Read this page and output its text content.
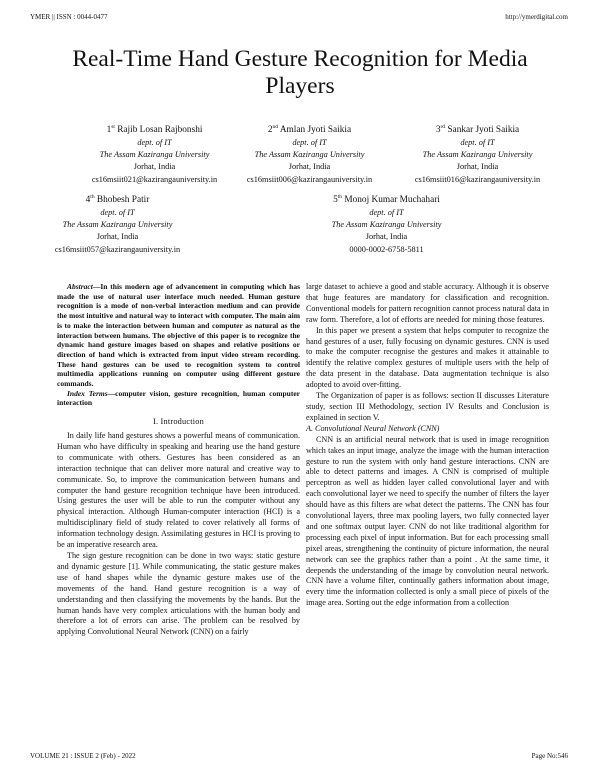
YMER || ISSN : 0044-0477	http://ymerdigital.com
Real-Time Hand Gesture Recognition for Media Players
1st Rajib Losan Rajbonshi
dept. of IT
The Assam Kaziranga University
Jorhat, India
cs16msiit021@kazirangauniversity.in
2nd Amlan Jyoti Saikia
dept. of IT
The Assam Kaziranga University
Jorhat, India
cs16msiit006@kazirangauniversity.in
3rd Sankar Jyoti Saikia
dept. of IT
The Assam Kaziranga University
Jorhat, India
cs16msiit016@kazirangauniversity.in
4th Bhobesh Patir
dept. of IT
The Assam Kaziranga University
Jorhat, India
cs16msiit057@kazirangauniversity.in
5th Monoj Kumar Muchahari
dept. of IT
The Assam Kaziranga University
Jorhat, India
0000-0002-6758-5811

Abstract—In this modern age of advancement in computing which has made the use of natural user interface much needed. Human gesture recognition is a mode of non-verbal interaction medium and can provide the most intuitive and natural way to interact with computer. The main aim is to make the interaction between human and computer as natural as the interaction between humans. The objective of this paper is to recognize the dynamic hand gesture images based on shapes and relative positions or direction of hand which is extracted from input video stream recording. These hand gestures can be used to recognition system to control multimedia applications running on computer using different gesture commands.

Index Terms—computer vision, gesture recognition, human computer interaction

I. Introduction

In daily life hand gestures shows a powerful means of communication. Human who have difficulty in speaking and hearing use the hand gesture to communicate with others. Gestures has been considered as an interaction technique that can deliver more natural and creative way to communicate. So, to improve the communication between humans and computer the hand gesture recognition technique have been introduced. Using gestures the user will be able to run the computer without any physical interaction. Although Human-computer interaction (HCI) is a multidisciplinary field of study related to cover relatively all forms of information technology design. Assimilating gestures in HCI is proving to be an imperative research area.

The sign gesture recognition can be done in two ways: static gesture and dynamic gesture [1]. While communicating, the static gesture makes use of hand shapes while the dynamic gesture makes use of the movements of the hand. Hand gesture recognition is a way of understanding and then classifying the movements by the hands. But the human hands have very complex articulations with the human body and therefore a lot of errors can arise. The problem can be resolved by applying Convolutional Neural Network (CNN) on a fairly

large dataset to achieve a good and stable accuracy. Although it is observe that huge features are mandatory for classification and recognition. Conventional models for pattern recognition cannot process natural data in raw form. Therefore, a lot of efforts are needed for mining those features.

In this paper we present a system that helps computer to recognize the hand gestures of a user, fully focusing on dynamic gestures. CNN is used to make the computer recognise the gestures and makes it attainable to identify the relative complex gestures of multiple users with the help of the data present in the database. Data augmentation technique is also adopted to avoid over-fitting.

The Organization of paper is as follows: section II discusses Literature study, section III Methodology, section IV Results and Conclusion is explained in section V.

A. Convolutional Neural Network (CNN)

CNN is an artificial neural network that is used in image recognition which takes an input image, analyze the image with the human interaction gesture to run the system with only hand gesture interactions. CNN are able to detect patterns and images. A CNN is comprised of multiple perceptron as well as hidden layer called convolutional layer and with each convolutional layer we need to specify the number of filters the layer should have as this filters are what detect the patterns. The CNN has four convolutional layers, three max pooling layers, two fully connected layer and one softmax output layer. CNN do not like traditional algorithm for processing each pixel of input information. But for each processing small pixel areas, strengthening the continuity of picture information, the neural network can see the graphics rather than a point . At the same time, it deepends the understanding of the image by convolution neural network. CNN have a volume filter, continually gathers information about image, every time the information collected is only a small piece of pixels of the image area. Sorting out the edge information from a collection

VOLUME 21 : ISSUE 2 (Feb) - 2022	Page No:546
